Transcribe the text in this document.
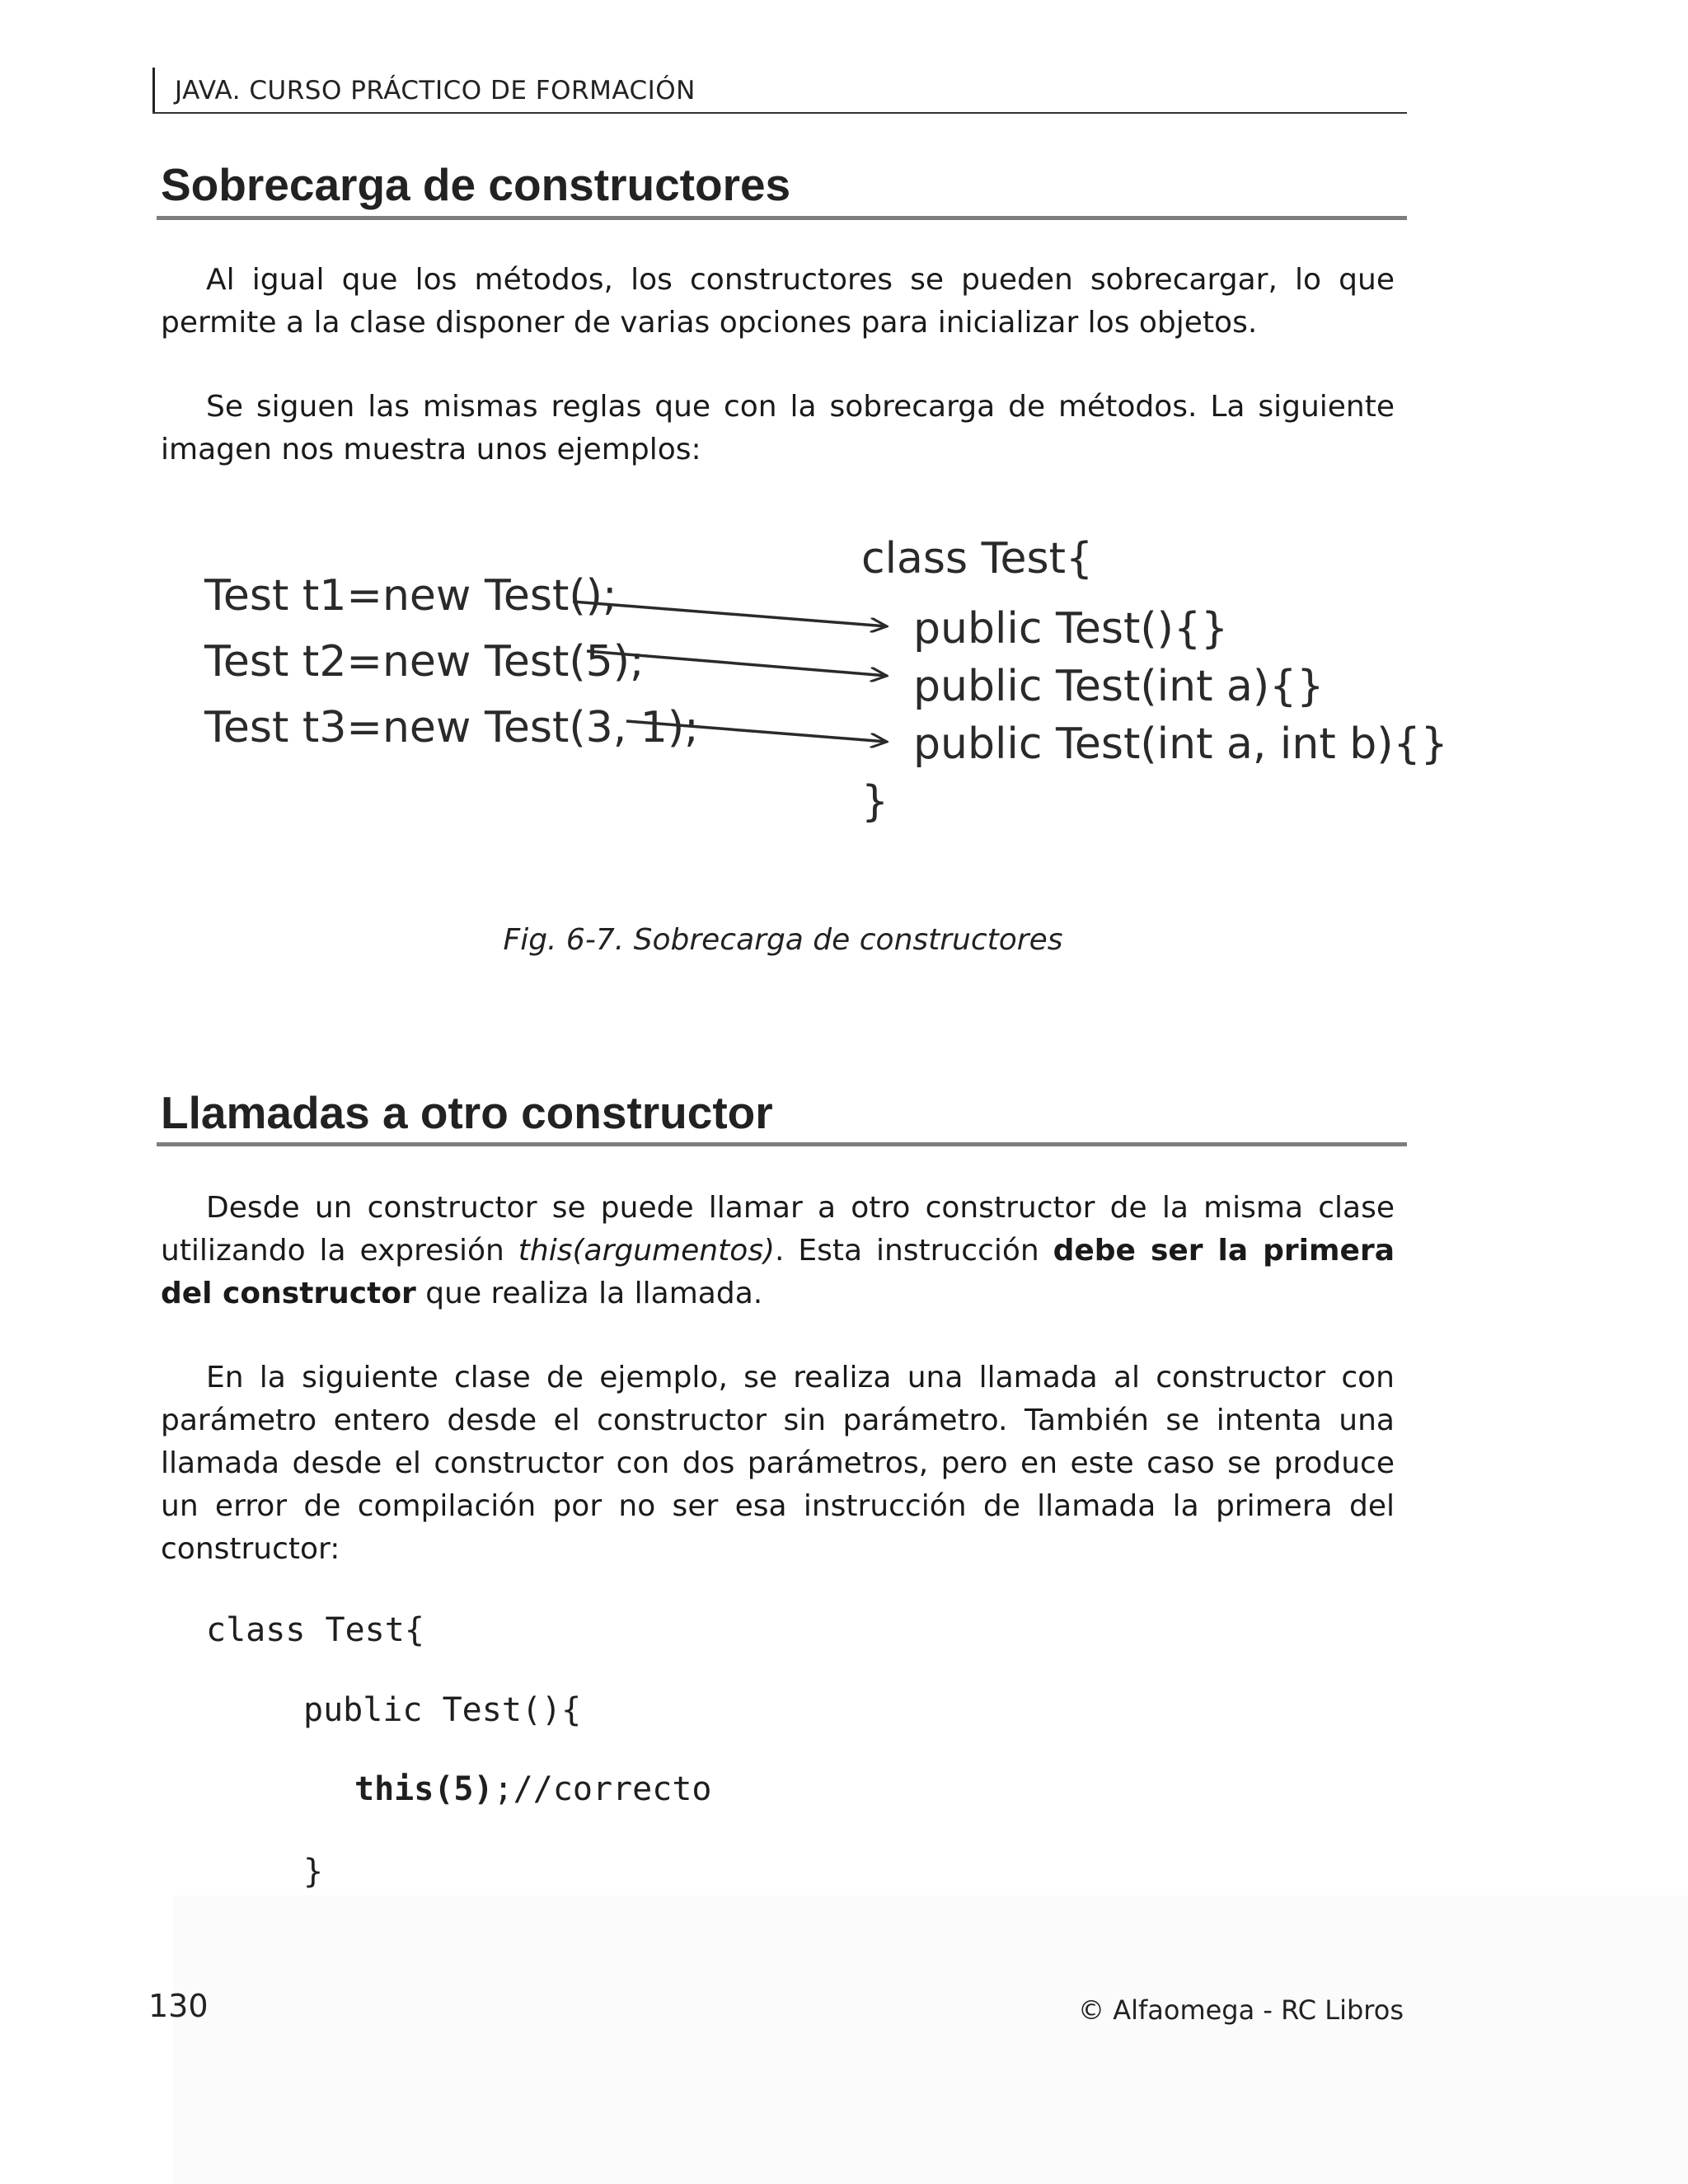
JAVA. CURSO PRÁCTICO DE FORMACIÓN
Sobrecarga de constructores
Al igual que los métodos, los constructores se pueden sobrecargar, lo que permite a la clase disponer de varias opciones para inicializar los objetos.
Se siguen las mismas reglas que con la sobrecarga de métodos. La siguiente imagen nos muestra unos ejemplos:
Test t1=new Test();
Test t2=new Test(5);
Test t3=new Test(3, 1);
class Test{
public Test(){}
public Test(int a){}
public Test(int a, int b){}
}
Fig. 6-7. Sobrecarga de constructores
Llamadas a otro constructor
Desde un constructor se puede llamar a otro constructor de la misma clase utilizando la expresión this(argumentos). Esta instrucción debe ser la primera del constructor que realiza la llamada.
En la siguiente clase de ejemplo, se realiza una llamada al constructor con parámetro entero desde el constructor sin parámetro. También se intenta una llamada desde el constructor con dos parámetros, pero en este caso se produce un error de compilación por no ser esa instrucción de llamada la primera del constructor:
class Test{
public Test(){
this(5);//correcto
}
130	© Alfaomega - RC Libros
